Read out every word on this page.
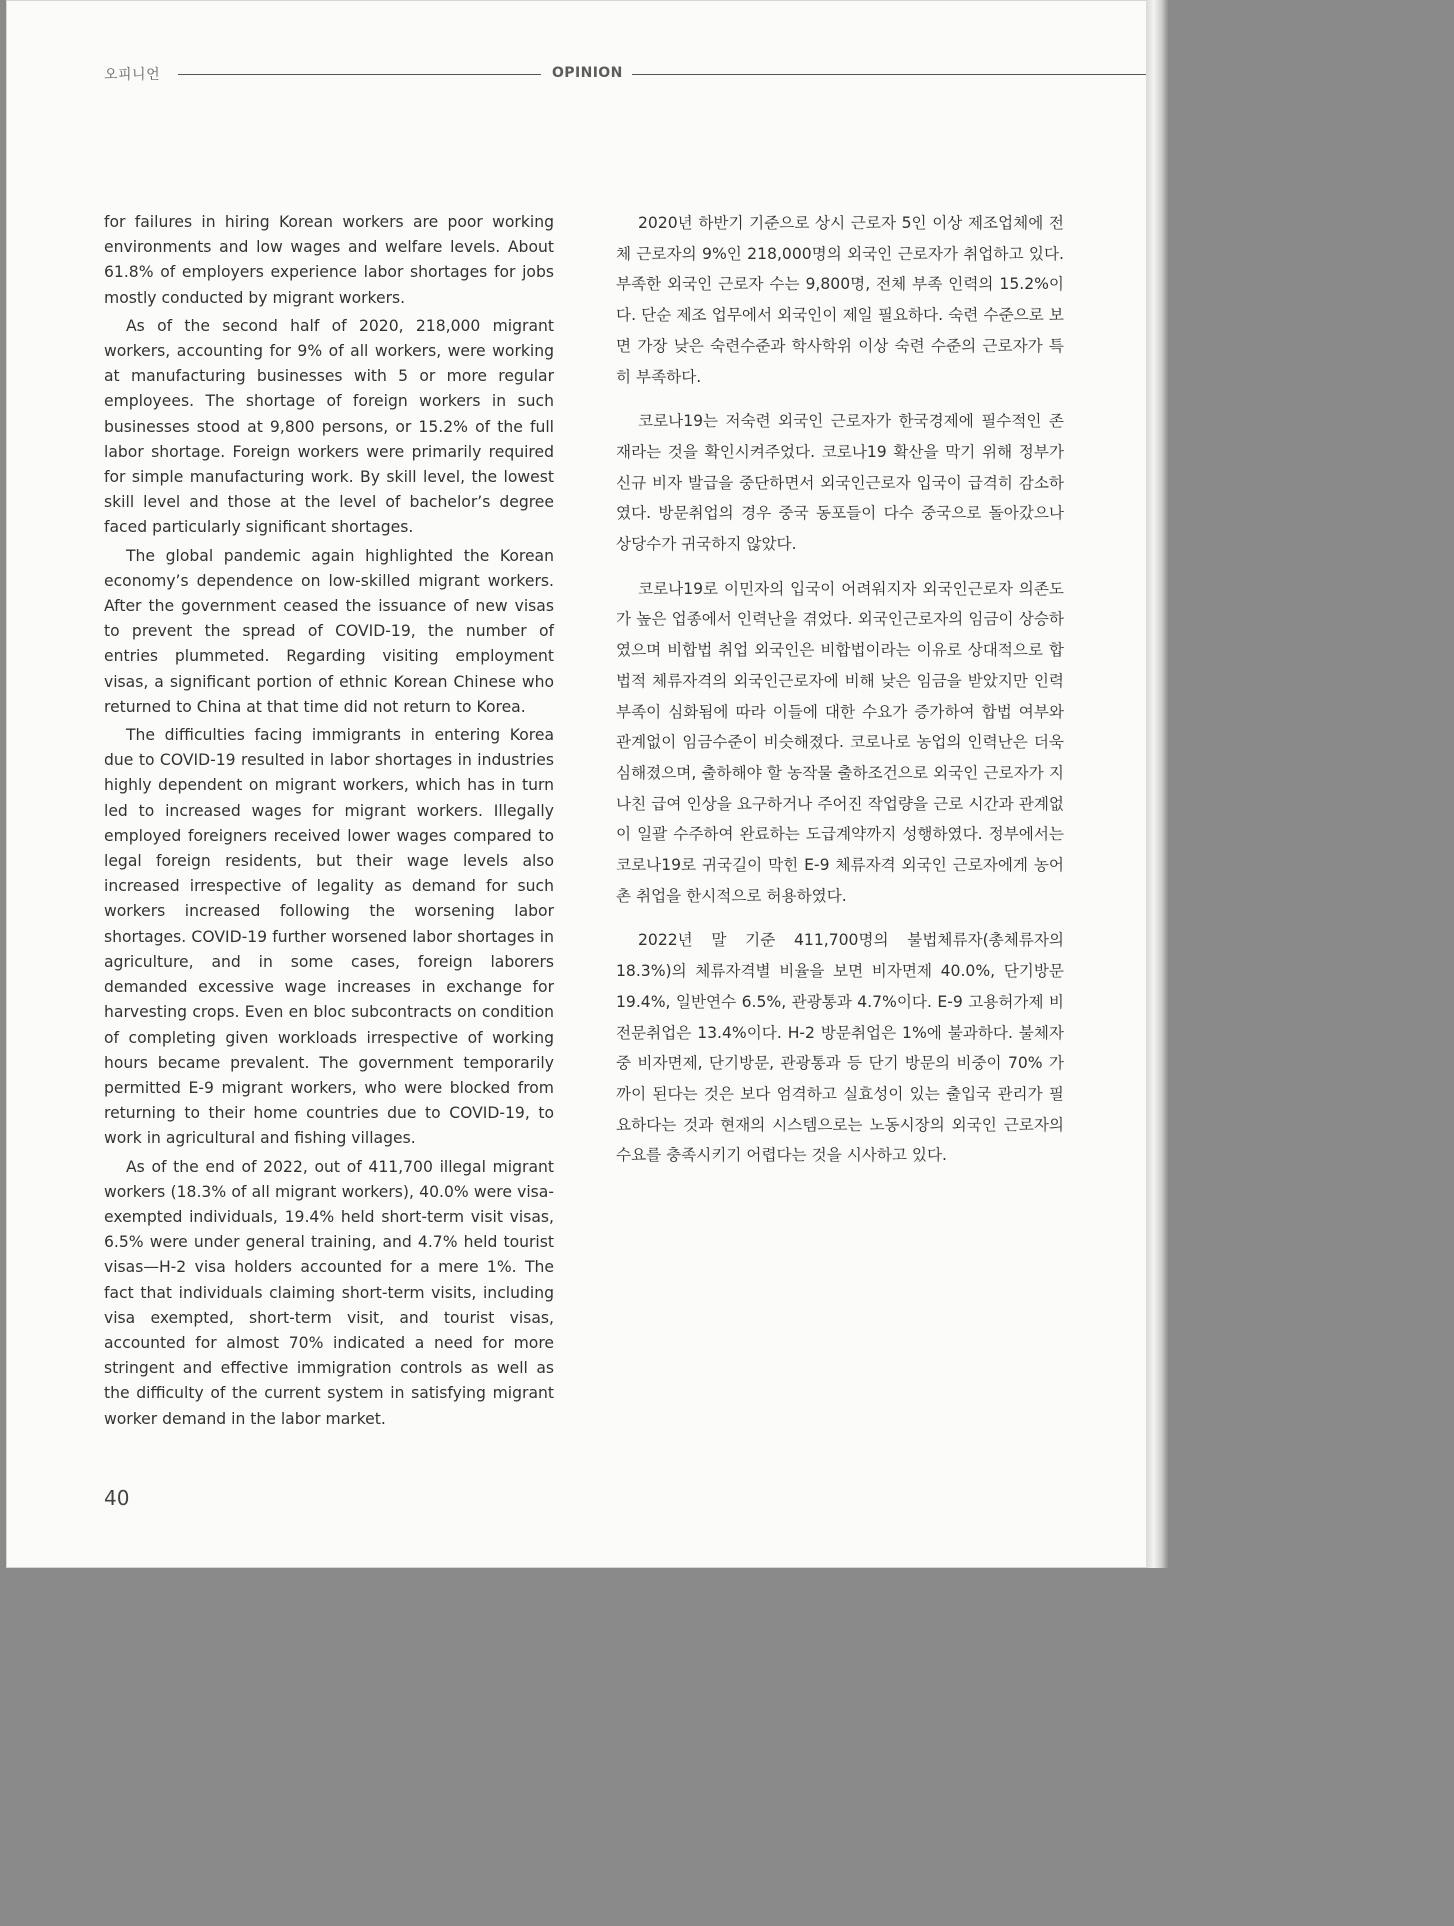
오피니언	OPINION

for failures in hiring Korean workers are poor working environments and low wages and welfare levels. About 61.8% of employers experience labor shortages for jobs mostly conducted by migrant workers.

As of the second half of 2020, 218,000 migrant workers, accounting for 9% of all workers, were working at manufacturing businesses with 5 or more regular employees. The shortage of foreign workers in such businesses stood at 9,800 persons, or 15.2% of the full labor shortage. Foreign workers were primarily required for simple manufacturing work. By skill level, the lowest skill level and those at the level of bachelor’s degree faced particularly significant shortages.

The global pandemic again highlighted the Korean economy’s dependence on low-skilled migrant workers. After the government ceased the issuance of new visas to prevent the spread of COVID-19, the number of entries plummeted. Regarding visiting employment visas, a significant portion of ethnic Korean Chinese who returned to China at that time did not return to Korea.

The difficulties facing immigrants in entering Korea due to COVID-19 resulted in labor shortages in industries highly dependent on migrant workers, which has in turn led to increased wages for migrant workers. Illegally employed foreigners received lower wages compared to legal foreign residents, but their wage levels also increased irrespective of legality as demand for such workers increased following the worsening labor shortages. COVID-19 further worsened labor shortages in agriculture, and in some cases, foreign laborers demanded excessive wage increases in exchange for harvesting crops. Even en bloc subcontracts on condition of completing given workloads irrespective of working hours became prevalent. The government temporarily permitted E-9 migrant workers, who were blocked from returning to their home countries due to COVID-19, to work in agricultural and fishing villages.

As of the end of 2022, out of 411,700 illegal migrant workers (18.3% of all migrant workers), 40.0% were visa-exempted individuals, 19.4% held short-term visit visas, 6.5% were under general training, and 4.7% held tourist visas—H-2 visa holders accounted for a mere 1%. The fact that individuals claiming short-term visits, including visa exempted, short-term visit, and tourist visas, accounted for almost 70% indicated a need for more stringent and effective immigration controls as well as the difficulty of the current system in satisfying migrant worker demand in the labor market.

2020년 하반기 기준으로 상시 근로자 5인 이상 제조업체에 전체 근로자의 9%인 218,000명의 외국인 근로자가 취업하고 있다. 부족한 외국인 근로자 수는 9,800명, 전체 부족 인력의 15.2%이다. 단순 제조 업무에서 외국인이 제일 필요하다. 숙련 수준으로 보면 가장 낮은 숙련수준과 학사학위 이상 숙련 수준의 근로자가 특히 부족하다.

코로나19는 저숙련 외국인 근로자가 한국경제에 필수적인 존재라는 것을 확인시켜주었다. 코로나19 확산을 막기 위해 정부가 신규 비자 발급을 중단하면서 외국인근로자 입국이 급격히 감소하였다. 방문취업의 경우 중국 동포들이 다수 중국으로 돌아갔으나 상당수가 귀국하지 않았다.

코로나19로 이민자의 입국이 어려워지자 외국인근로자 의존도가 높은 업종에서 인력난을 겪었다. 외국인근로자의 임금이 상승하였으며 비합법 취업 외국인은 비합법이라는 이유로 상대적으로 합법적 체류자격의 외국인근로자에 비해 낮은 임금을 받았지만 인력부족이 심화됨에 따라 이들에 대한 수요가 증가하여 합법 여부와 관계없이 임금수준이 비슷해졌다. 코로나로 농업의 인력난은 더욱 심해졌으며, 출하해야 할 농작물 출하조건으로 외국인 근로자가 지나친 급여 인상을 요구하거나 주어진 작업량을 근로 시간과 관계없이 일괄 수주하여 완료하는 도급계약까지 성행하였다. 정부에서는 코로나19로 귀국길이 막힌 E-9 체류자격 외국인 근로자에게 농어촌 취업을 한시적으로 허용하였다.

2022년 말 기준 411,700명의 불법체류자(총체류자의 18.3%)의 체류자격별 비율을 보면 비자면제 40.0%, 단기방문 19.4%, 일반연수 6.5%, 관광통과 4.7%이다. E-9 고용허가제 비전문취업은 13.4%이다. H-2 방문취업은 1%에 불과하다. 불체자중 비자면제, 단기방문, 관광통과 등 단기 방문의 비중이 70% 가까이 된다는 것은 보다 엄격하고 실효성이 있는 출입국 관리가 필요하다는 것과 현재의 시스템으로는 노동시장의 외국인 근로자의 수요를 충족시키기 어렵다는 것을 시사하고 있다.

40
